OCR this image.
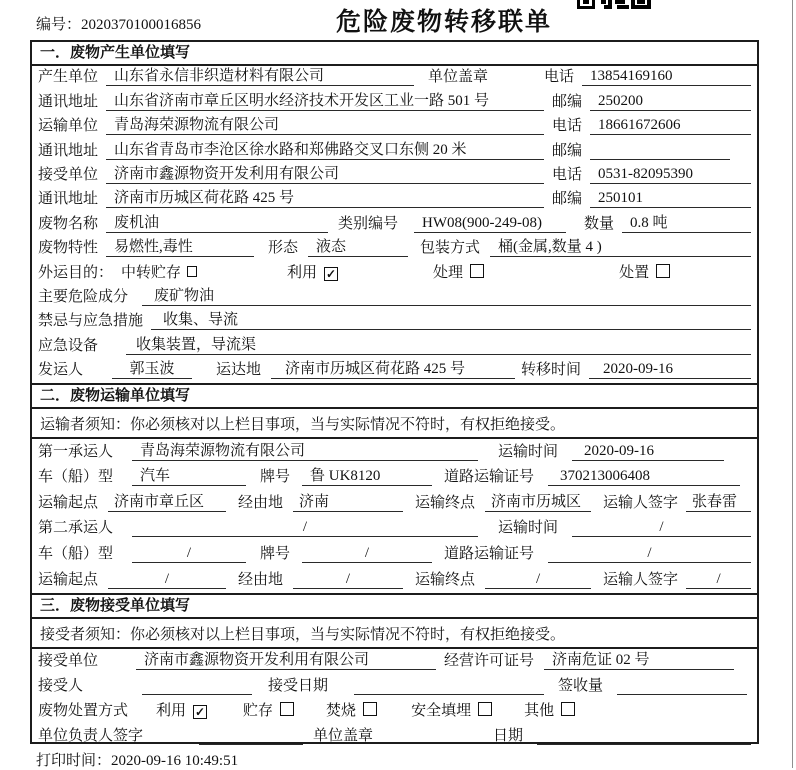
编号：2020370100016856	危险废物转移联单
一．废物产生单位填写
产生单位	山东省永信非织造材料有限公司	单位盖章	电话	13854169160
通讯地址	山东省济南市章丘区明水经济技术开发区工业一路 501 号	邮编	250200
运输单位	青岛海荣源物流有限公司	电话	18661672606
通讯地址	山东省青岛市李沧区徐水路和郑佛路交叉口东侧 20 米	邮编
接受单位	济南市鑫源物资开发利用有限公司	电话	0531-82095390
通讯地址	济南市历城区荷花路 425 号	邮编	250101
废物名称	废机油	类别编号	HW08(900-249-08)	数量	0.8 吨
废物特性	易燃性,毒性	形态	液态	包装方式	桶(金属,数量 4 )
外运目的： 中转贮存	利用 ✓	处理	处置
主要危险成分	废矿物油
禁忌与应急措施	收集、导流
应急设备	收集装置，导流渠
发运人	郭玉波	运达地	济南市历城区荷花路 425 号	转移时间	2020-09-16
二．废物运输单位填写
运输者须知：你必须核对以上栏目事项，当与实际情况不符时，有权拒绝接受。
第一承运人	青岛海荣源物流有限公司	运输时间	2020-09-16
车（船）型	汽车	牌号	鲁 UK8120	道路运输证号	370213006408
运输起点	济南市章丘区	经由地	济南	运输终点	济南市历城区	运输人签字 张春雷
第二承运人	/	运输时间	/
车（船）型	/	牌号	/	道路运输证号	/
运输起点	/	经由地	/	运输终点	/	运输人签字	/
三．废物接受单位填写
接受者须知：你必须核对以上栏目事项，当与实际情况不符时，有权拒绝接受。
接受单位	济南市鑫源物资开发利用有限公司	经营许可证号	济南危证 02 号
接受人	接受日期	签收量
废物处置方式 利用 ✓	贮存	焚烧	安全填埋	其他
单位负责人签字	单位盖章	日期
打印时间：2020-09-16 10:49:51
